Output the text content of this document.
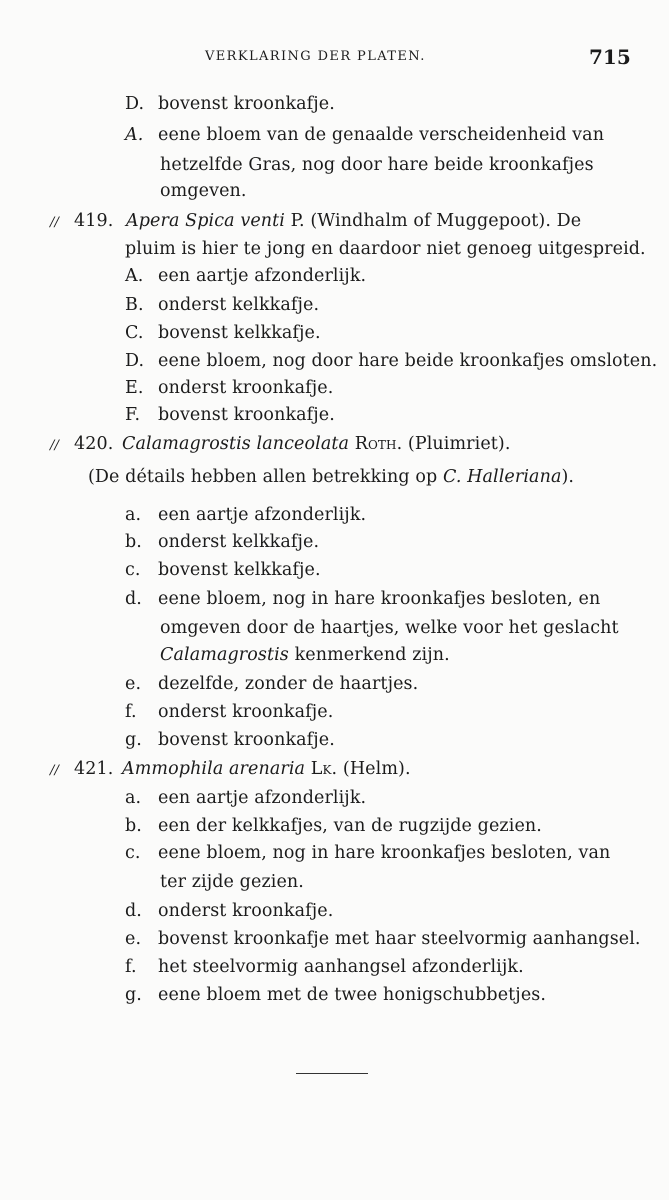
VERKLARING DER PLATEN.	715
D. bovenst kroonkafje.
A. eene bloem van de genaalde verscheidenheid van
hetzelfde Gras, nog door hare beide kroonkafjes
omgeven.
// 419. Apera Spica venti P. (Windhalm of Muggepoot). De
pluim is hier te jong en daardoor niet genoeg uitgespreid.
A. een aartje afzonderlijk.
B. onderst kelkkafje.
C. bovenst kelkkafje.
D. eene bloem, nog door hare beide kroonkafjes omsloten.
E. onderst kroonkafje.
F. bovenst kroonkafje.
// 420. Calamagrostis lanceolata Roth. (Pluimriet).
(De détails hebben allen betrekking op C. Halleriana).
a. een aartje afzonderlijk.
b. onderst kelkkafje.
c. bovenst kelkkafje.
d. eene bloem, nog in hare kroonkafjes besloten, en
omgeven door de haartjes, welke voor het geslacht
Calamagrostis kenmerkend zijn.
e. dezelfde, zonder de haartjes.
f. onderst kroonkafje.
g. bovenst kroonkafje.
// 421. Ammophila arenaria Lk. (Helm).
a. een aartje afzonderlijk.
b. een der kelkkafjes, van de rugzijde gezien.
c. eene bloem, nog in hare kroonkafjes besloten, van
ter zijde gezien.
d. onderst kroonkafje.
e. bovenst kroonkafje met haar steelvormig aanhangsel.
f. het steelvormig aanhangsel afzonderlijk.
g. eene bloem met de twee honigschubbetjes.
